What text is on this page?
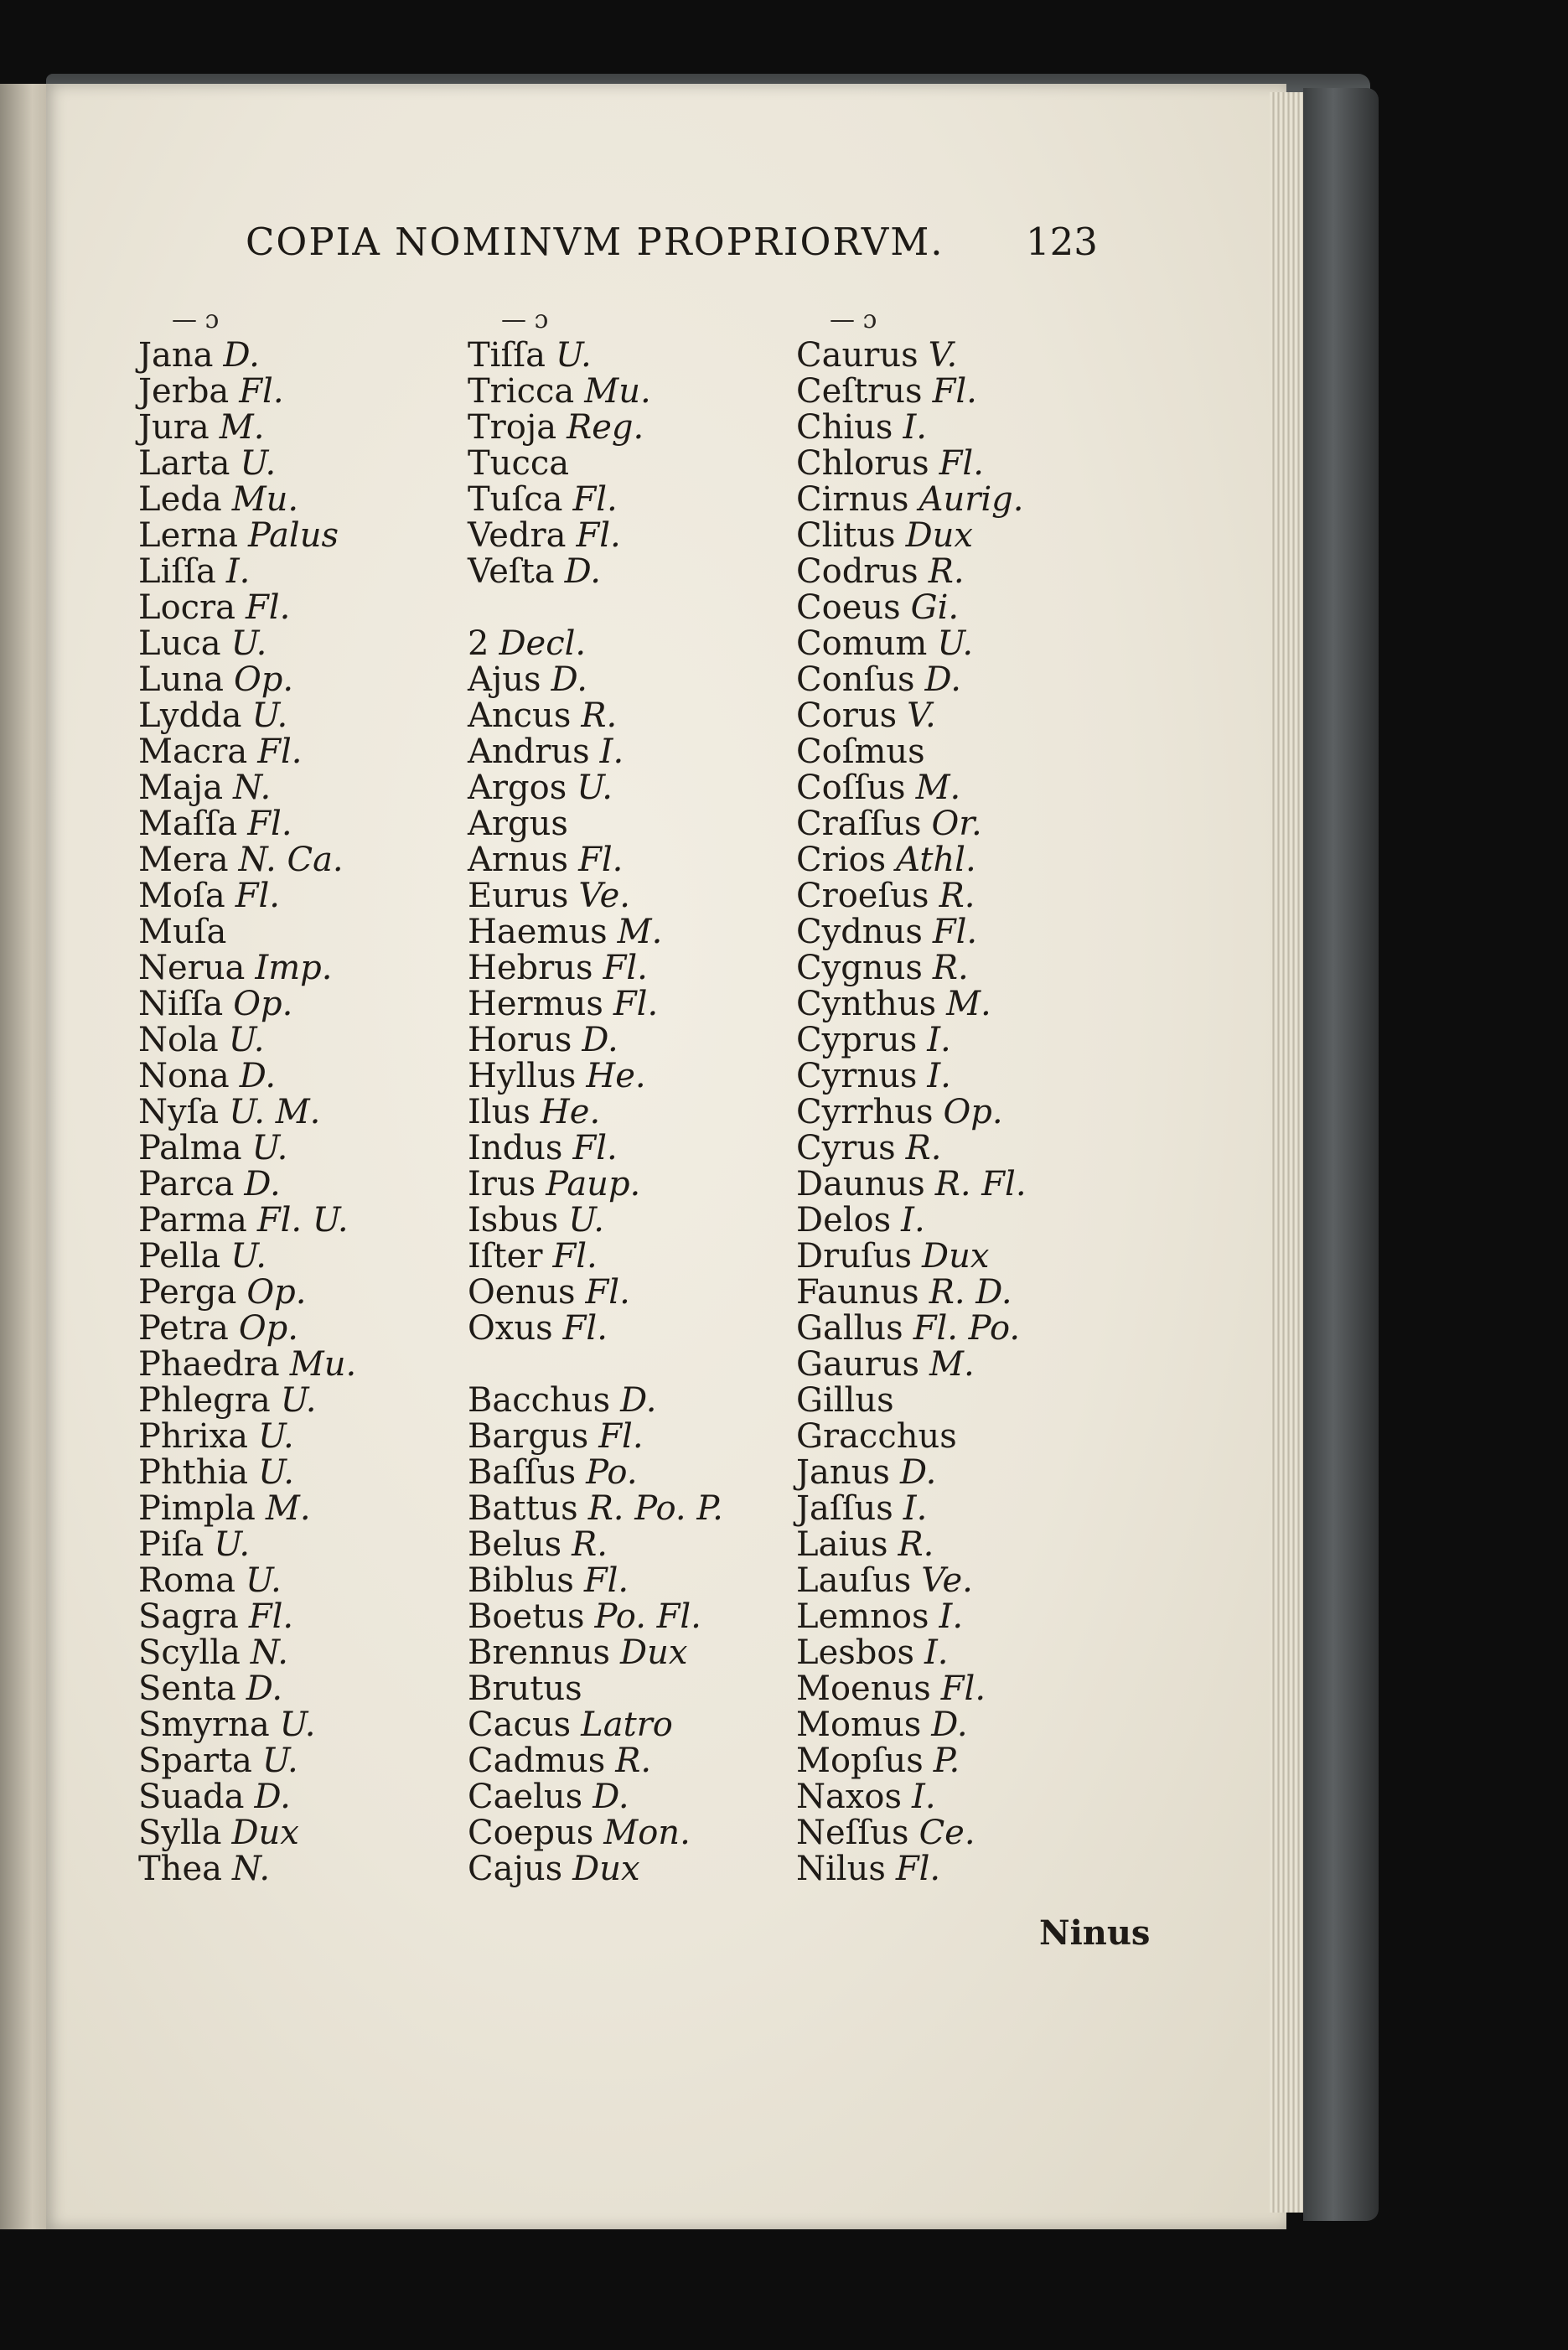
COPIA NOMINVM PROPRIORVM. 123
— ɔ
Jana D.
Jerba Fl.
Jura M.
Larta U.
Leda Mu.
Lerna Palus
Liſſa I.
Locra Fl.
Luca U.
Luna Op.
Lydda U.
Macra Fl.
Maja N.
Maſſa Fl.
Mera N. Ca.
Moſa Fl.
Muſa
Nerua Imp.
Niſſa Op.
Nola U.
Nona D.
Nyſa U. M.
Palma U.
Parca D.
Parma Fl. U.
Pella U.
Perga Op.
Petra Op.
Phaedra Mu.
Phlegra U.
Phrixa U.
Phthia U.
Pimpla M.
Piſa U.
Roma U.
Sagra Fl.
Scylla N.
Senta D.
Smyrna U.
Sparta U.
Suada D.
Sylla Dux
Thea N.
— ɔ
Tiſſa U.
Tricca Mu.
Troja Reg.
Tucca
Tuſca Fl.
Vedra Fl.
Veſta D.
2 Decl.
Ajus D.
Ancus R.
Andrus I.
Argos U.
Argus
Arnus Fl.
Eurus Ve.
Haemus M.
Hebrus Fl.
Hermus Fl.
Horus D.
Hyllus He.
Ilus He.
Indus Fl.
Irus Paup.
Isbus U.
Iſter Fl.
Oenus Fl.
Oxus Fl.
Bacchus D.
Bargus Fl.
Baſſus Po.
Battus R. Po. P.
Belus R.
Biblus Fl.
Boetus Po. Fl.
Brennus Dux
Brutus
Cacus Latro
Cadmus R.
Caelus D.
Coepus Mon.
Cajus Dux
— ɔ
Caurus V.
Ceſtrus Fl.
Chius I.
Chlorus Fl.
Cirnus Aurig.
Clitus Dux
Codrus R.
Coeus Gi.
Comum U.
Conſus D.
Corus V.
Coſmus
Coſſus M.
Craſſus Or.
Crios Athl.
Croeſus R.
Cydnus Fl.
Cygnus R.
Cynthus M.
Cyprus I.
Cyrnus I.
Cyrrhus Op.
Cyrus R.
Daunus R. Fl.
Delos I.
Druſus Dux
Faunus R. D.
Gallus Fl. Po.
Gaurus M.
Gillus
Gracchus
Janus D.
Jaſſus I.
Laius R.
Lauſus Ve.
Lemnos I.
Lesbos I.
Moenus Fl.
Momus D.
Mopſus P.
Naxos I.
Neſſus Ce.
Nilus Fl.
Ninus
